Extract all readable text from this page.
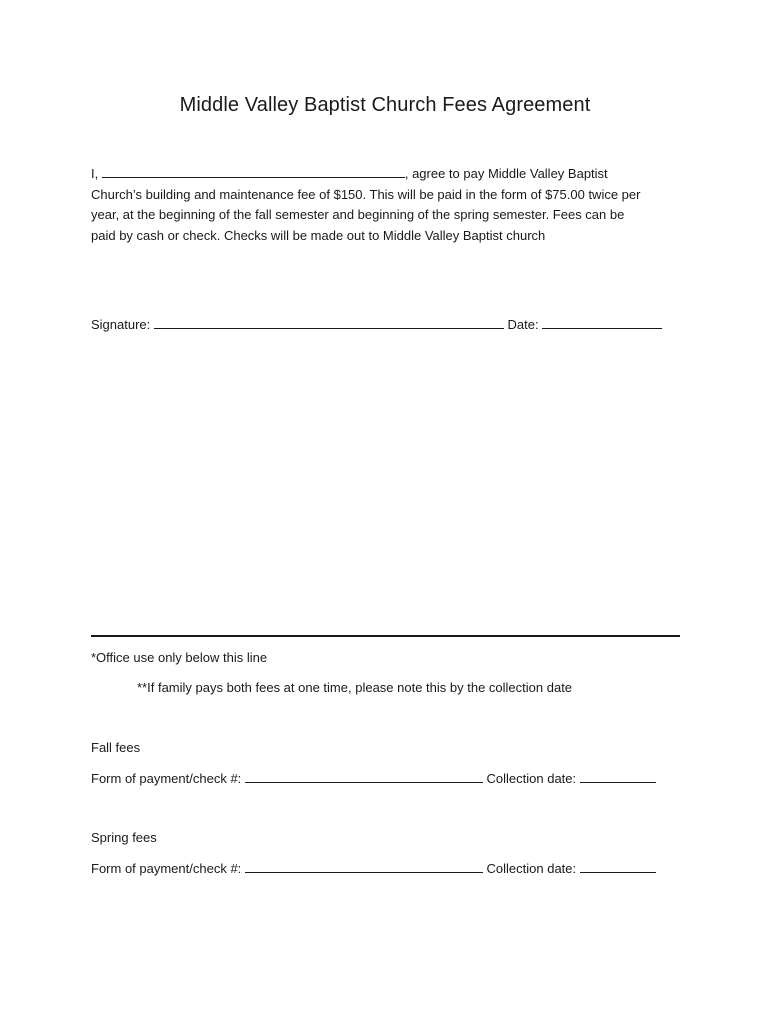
Middle Valley Baptist Church Fees Agreement
I,	, agree to pay Middle Valley Baptist
Church’s building and maintenance fee of $150. This will be paid in the form of $75.00 twice per
year, at the beginning of the fall semester and beginning of the spring semester. Fees can be
paid by cash or check. Checks will be made out to Middle Valley Baptist church
Signature:	Date:
*Office use only below this line
**If family pays both fees at one time, please note this by the collection date
Fall fees
Form of payment/check #:	Collection date:
Spring fees
Form of payment/check #:	Collection date:
